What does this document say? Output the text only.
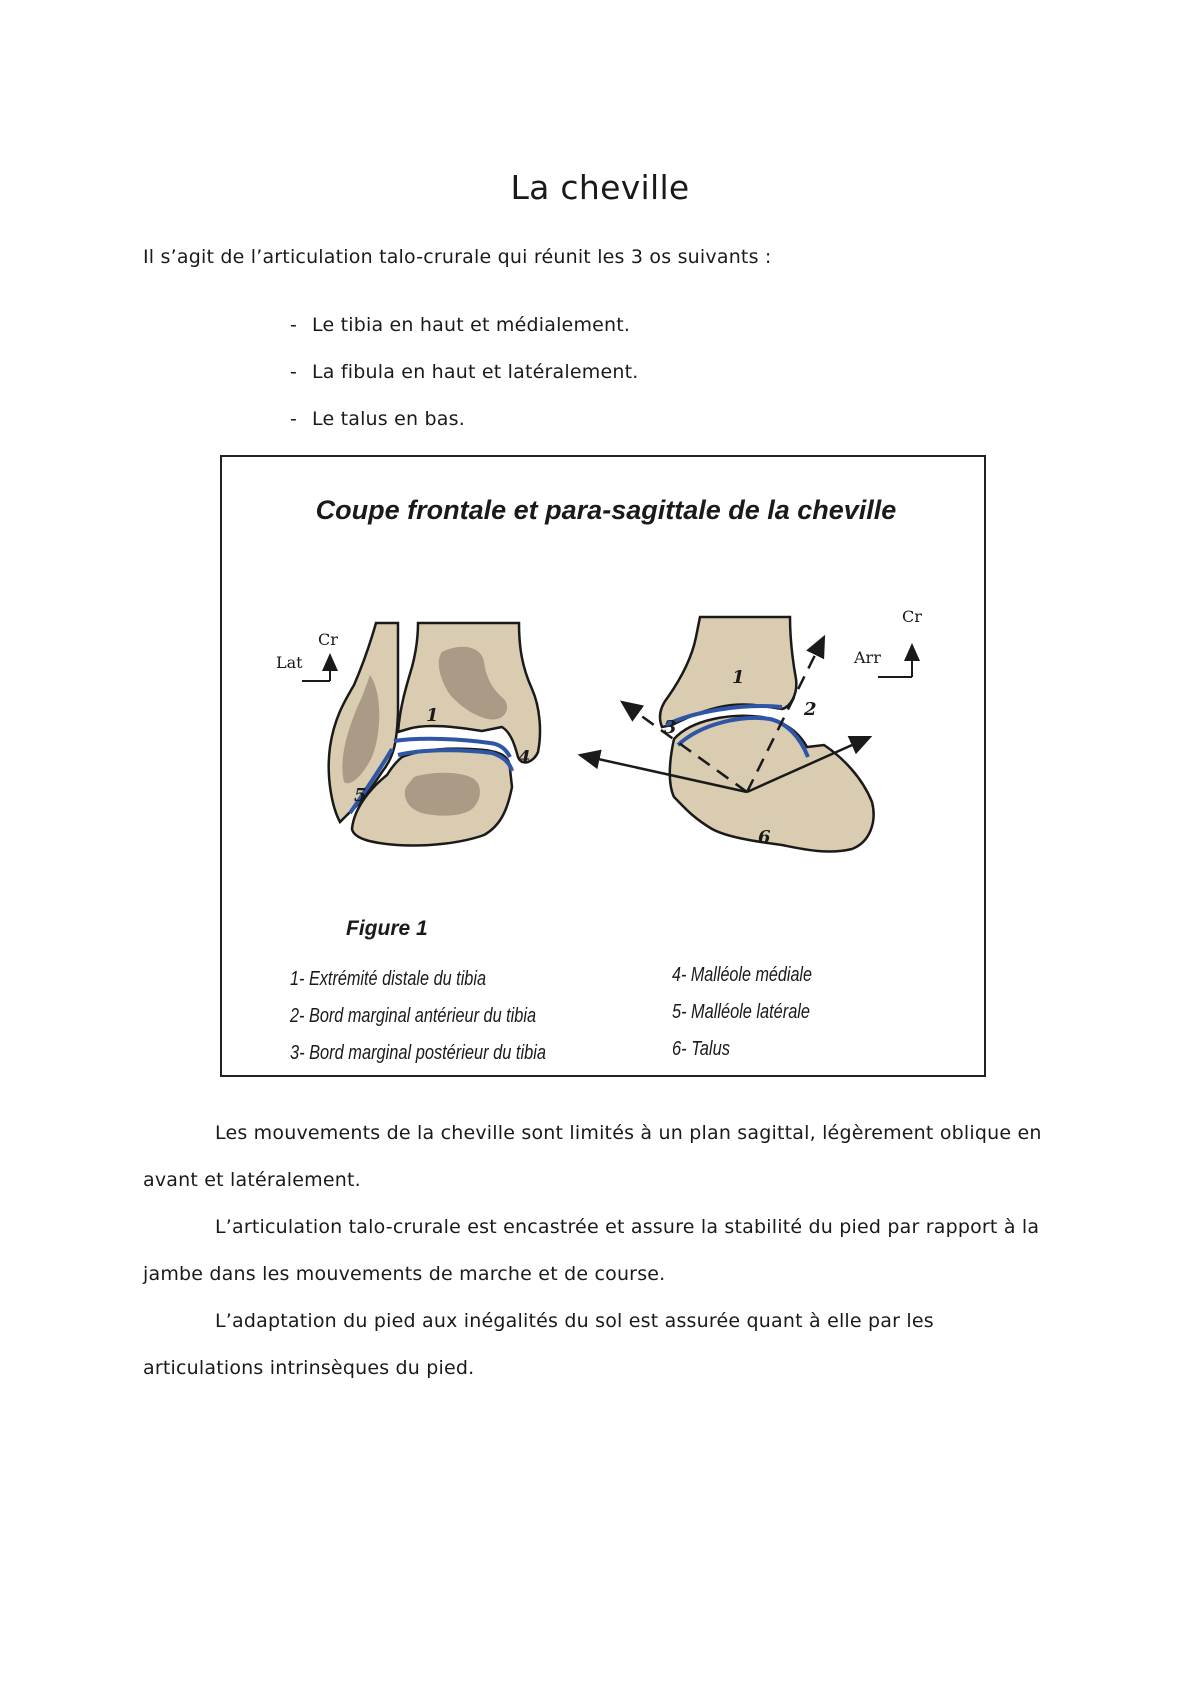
La cheville
Il s’agit de l’articulation talo-crurale qui réunit les 3 os suivants :
- Le tibia en haut et médialement.
- La fibula en haut et latéralement.
- Le talus en bas.
Coupe frontale et para-sagittale de la cheville
1
4
5
Cr
Lat
1
2
3
6
Cr
Arr
Figure 1
1- Extrémité distale du tibia
2- Bord marginal antérieur du tibia
3- Bord marginal postérieur du tibia
4- Malléole médiale
5- Malléole latérale
6- Talus
Les mouvements de la cheville sont limités à un plan sagittal, légèrement oblique en
avant et latéralement.
L’articulation talo-crurale est encastrée et assure la stabilité du pied par rapport à la
jambe dans les mouvements de marche et de course.
L’adaptation du pied aux inégalités du sol est assurée quant à elle par les
articulations intrinsèques du pied.
